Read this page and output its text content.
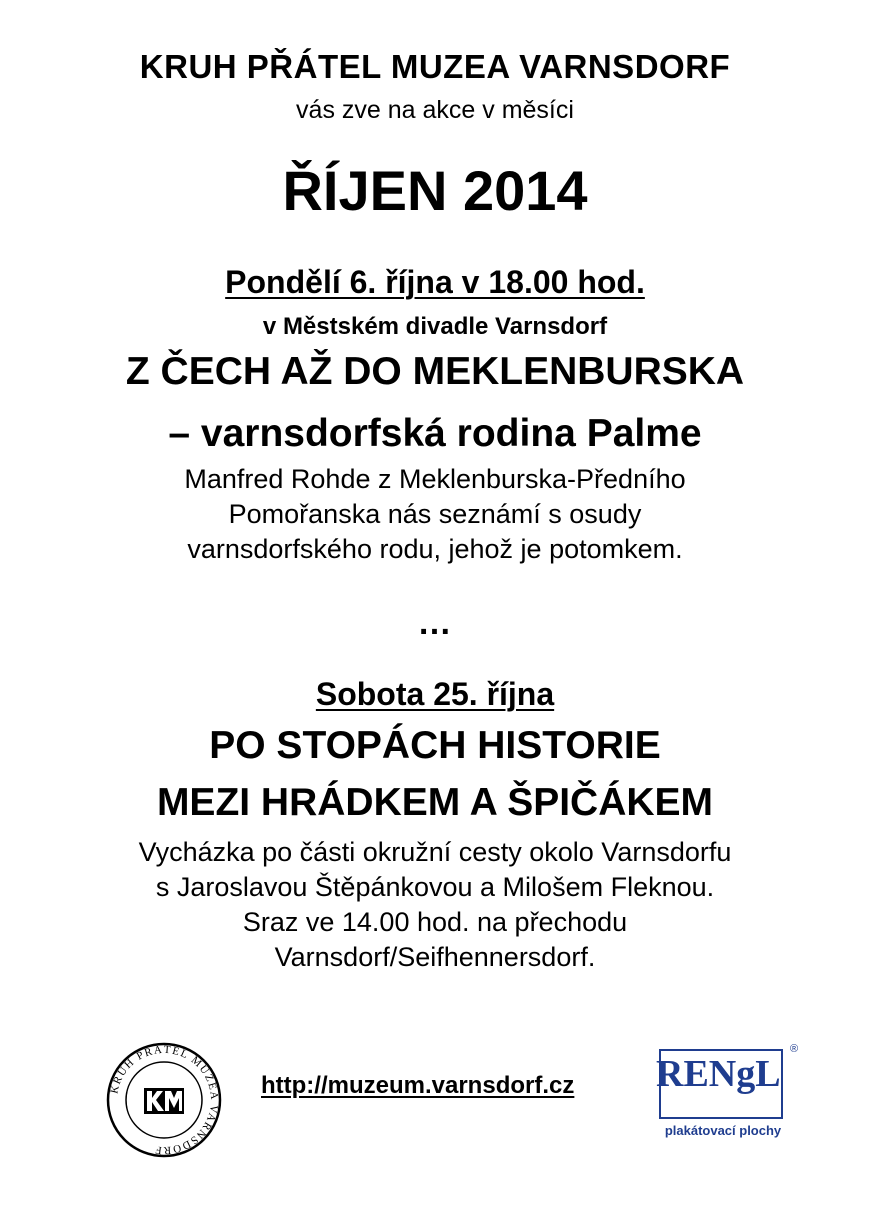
KRUH PŘÁTEL MUZEA VARNSDORF
vás zve na akce v měsíci
ŘÍJEN 2014
Pondělí 6. října v 18.00 hod.
v Městském divadle Varnsdorf
Z ČECH AŽ DO MEKLENBURSKA
– varnsdorfská rodina Palme
Manfred Rohde z Meklenburska-Předního
Pomořanska nás seznámí s osudy
varnsdorfského rodu, jehož je potomkem.
…
Sobota 25. října
PO STOPÁCH HISTORIE
MEZI HRÁDKEM A ŠPIČÁKEM
Vycházka po části okružní cesty okolo Varnsdorfu
s Jaroslavou Štěpánkovou a Milošem Fleknou.
Sraz ve 14.00 hod. na přechodu
Varnsdorf/Seifhennersdorf.
KRUH PŘÁTEL MUZEA VARNSDORF
http://muzeum.varnsdorf.cz RENgL
®
plakátovací plochy
